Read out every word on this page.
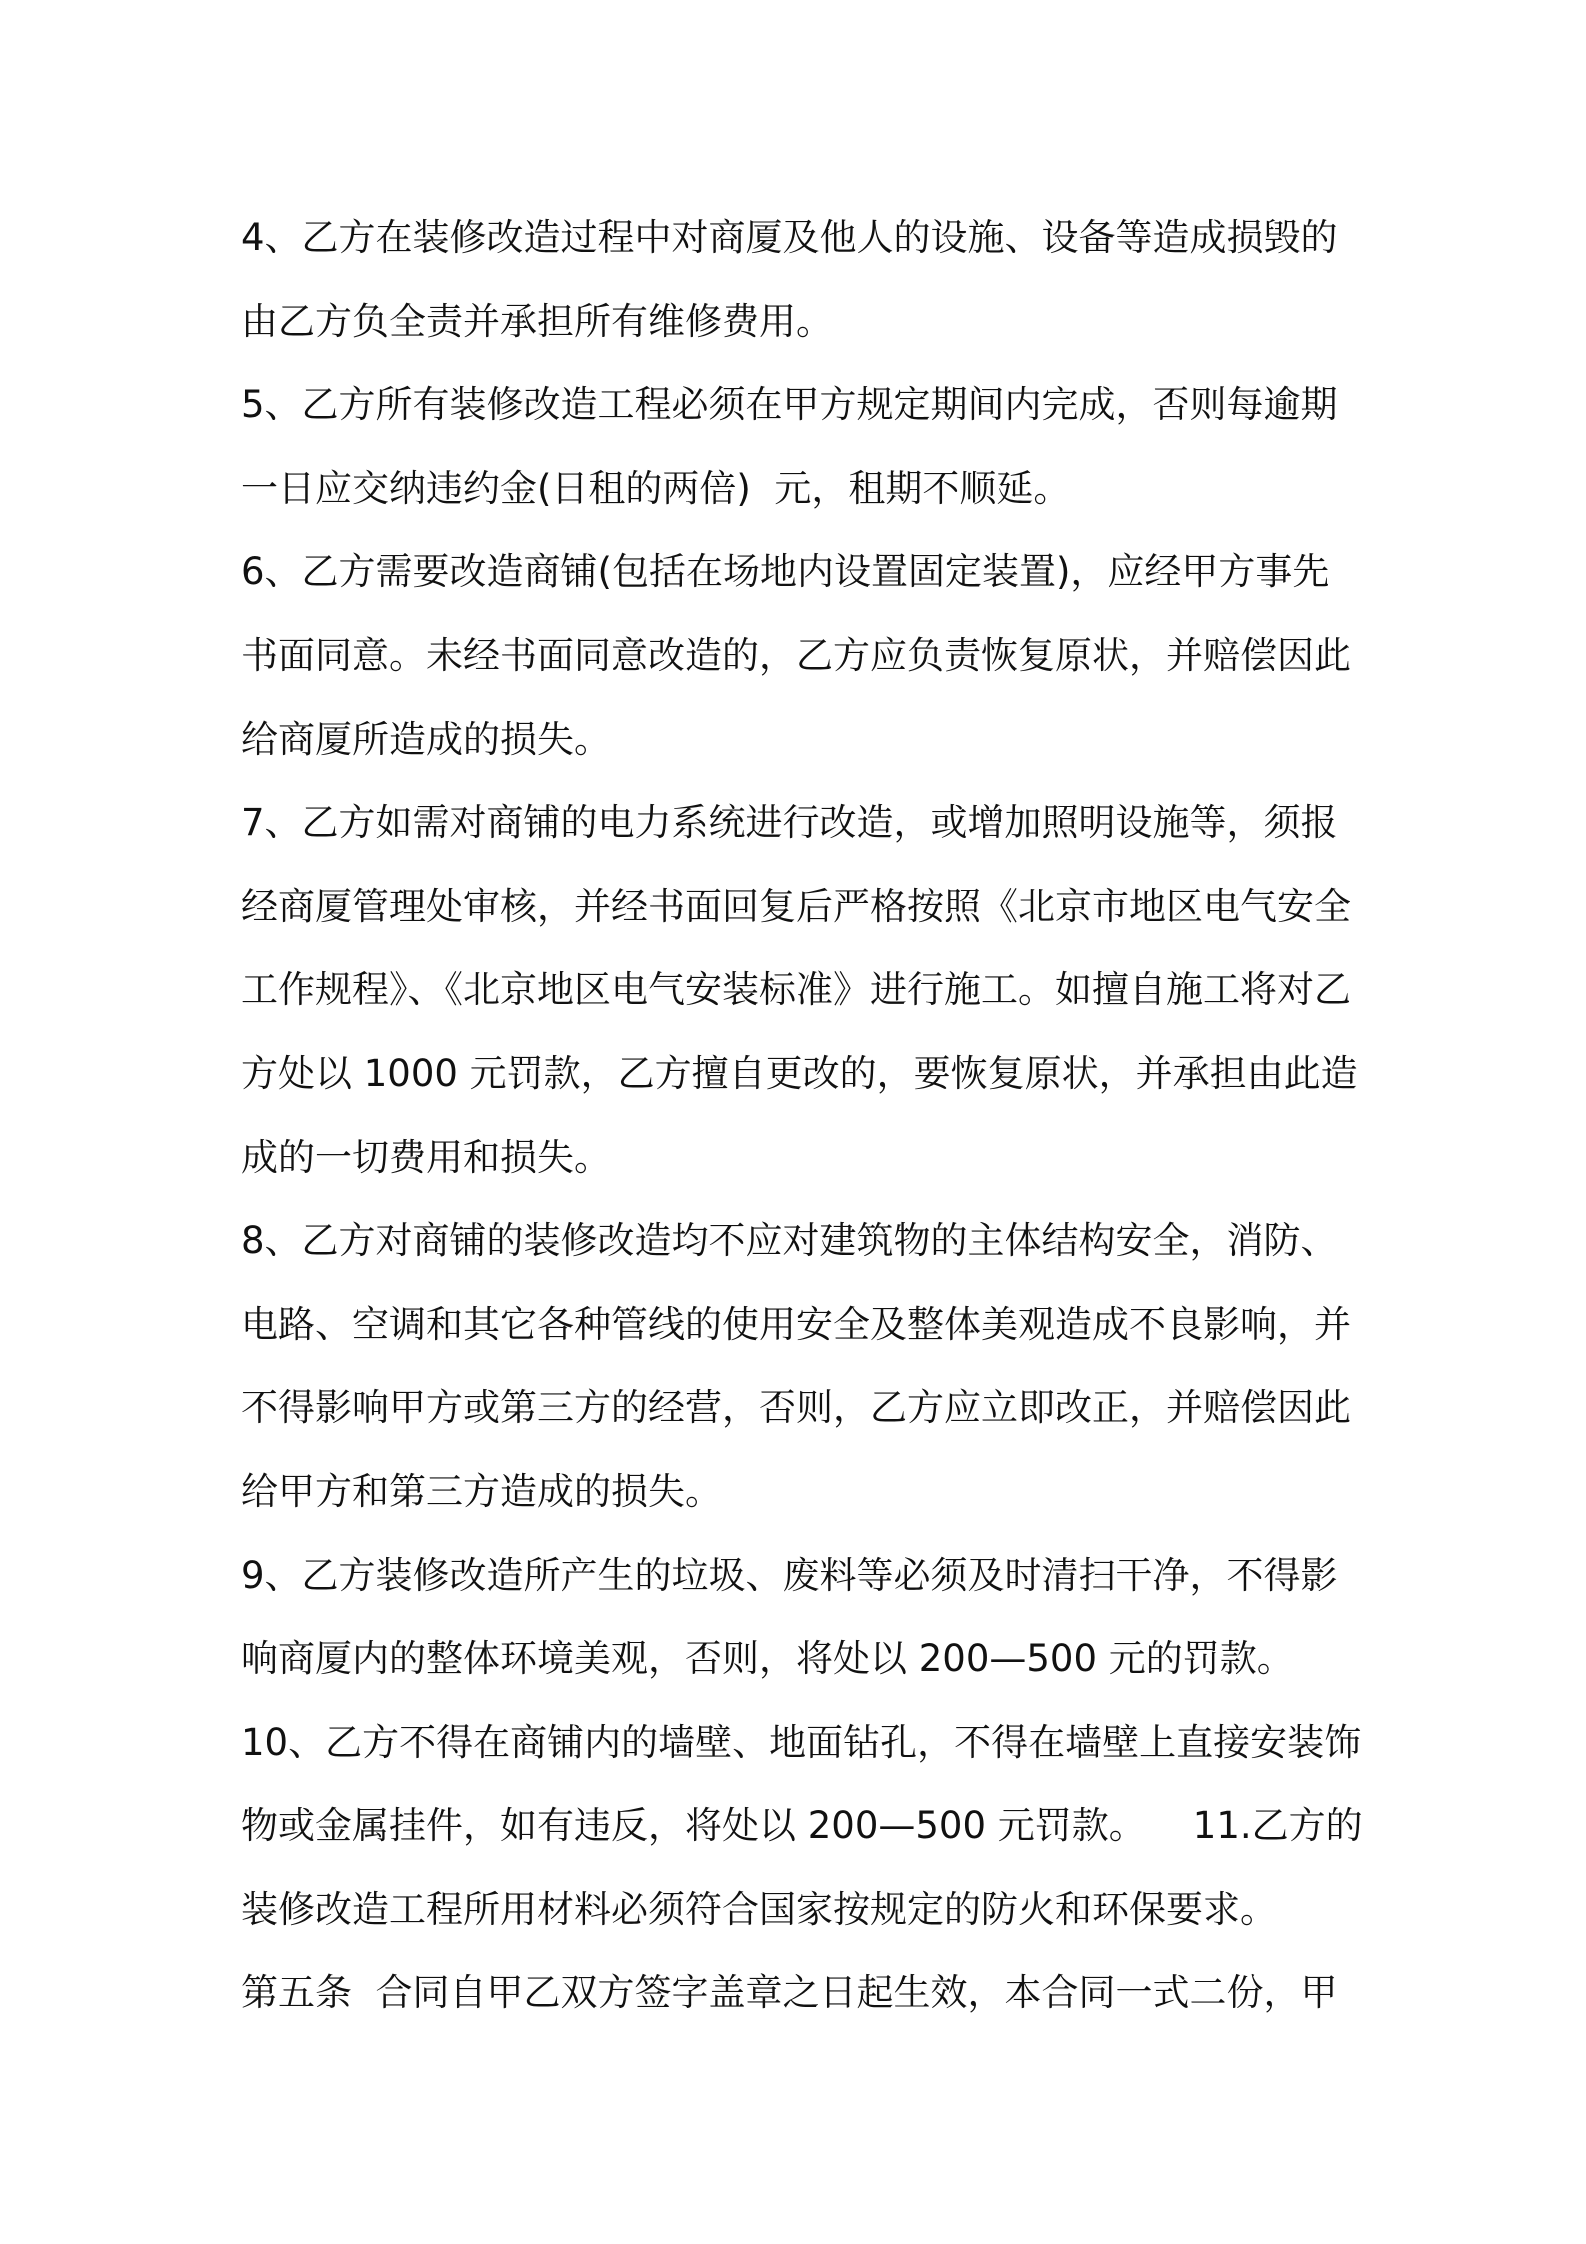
4、乙方在装修改造过程中对商厦及他人的设施、设备等造成损毁的
由乙方负全责并承担所有维修费用。
5、乙方所有装修改造工程必须在甲方规定期间内完成，否则每逾期
一日应交纳违约金(日租的两倍)  元，租期不顺延。
6、乙方需要改造商铺(包括在场地内设置固定装置)，应经甲方事先
书面同意。未经书面同意改造的，乙方应负责恢复原状，并赔偿因此
给商厦所造成的损失。
7、乙方如需对商铺的电力系统进行改造，或增加照明设施等，须报
经商厦管理处审核，并经书面回复后严格按照《北京市地区电气安全
工作规程》、《北京地区电气安装标准》进行施工。如擅自施工将对乙
方处以 1000 元罚款，乙方擅自更改的，要恢复原状，并承担由此造
成的一切费用和损失。
8、乙方对商铺的装修改造均不应对建筑物的主体结构安全，消防、
电路、空调和其它各种管线的使用安全及整体美观造成不良影响，并
不得影响甲方或第三方的经营，否则，乙方应立即改正，并赔偿因此
给甲方和第三方造成的损失。
9、乙方装修改造所产生的垃圾、废料等必须及时清扫干净，不得影
响商厦内的整体环境美观，否则，将处以 200—500 元的罚款。
10、乙方不得在商铺内的墙壁、地面钻孔，不得在墙壁上直接安装饰
物或金属挂件，如有违反，将处以 200—500 元罚款。    11.乙方的
装修改造工程所用材料必须符合国家按规定的防火和环保要求。
第五条  合同自甲乙双方签字盖章之日起生效，本合同一式二份，甲
